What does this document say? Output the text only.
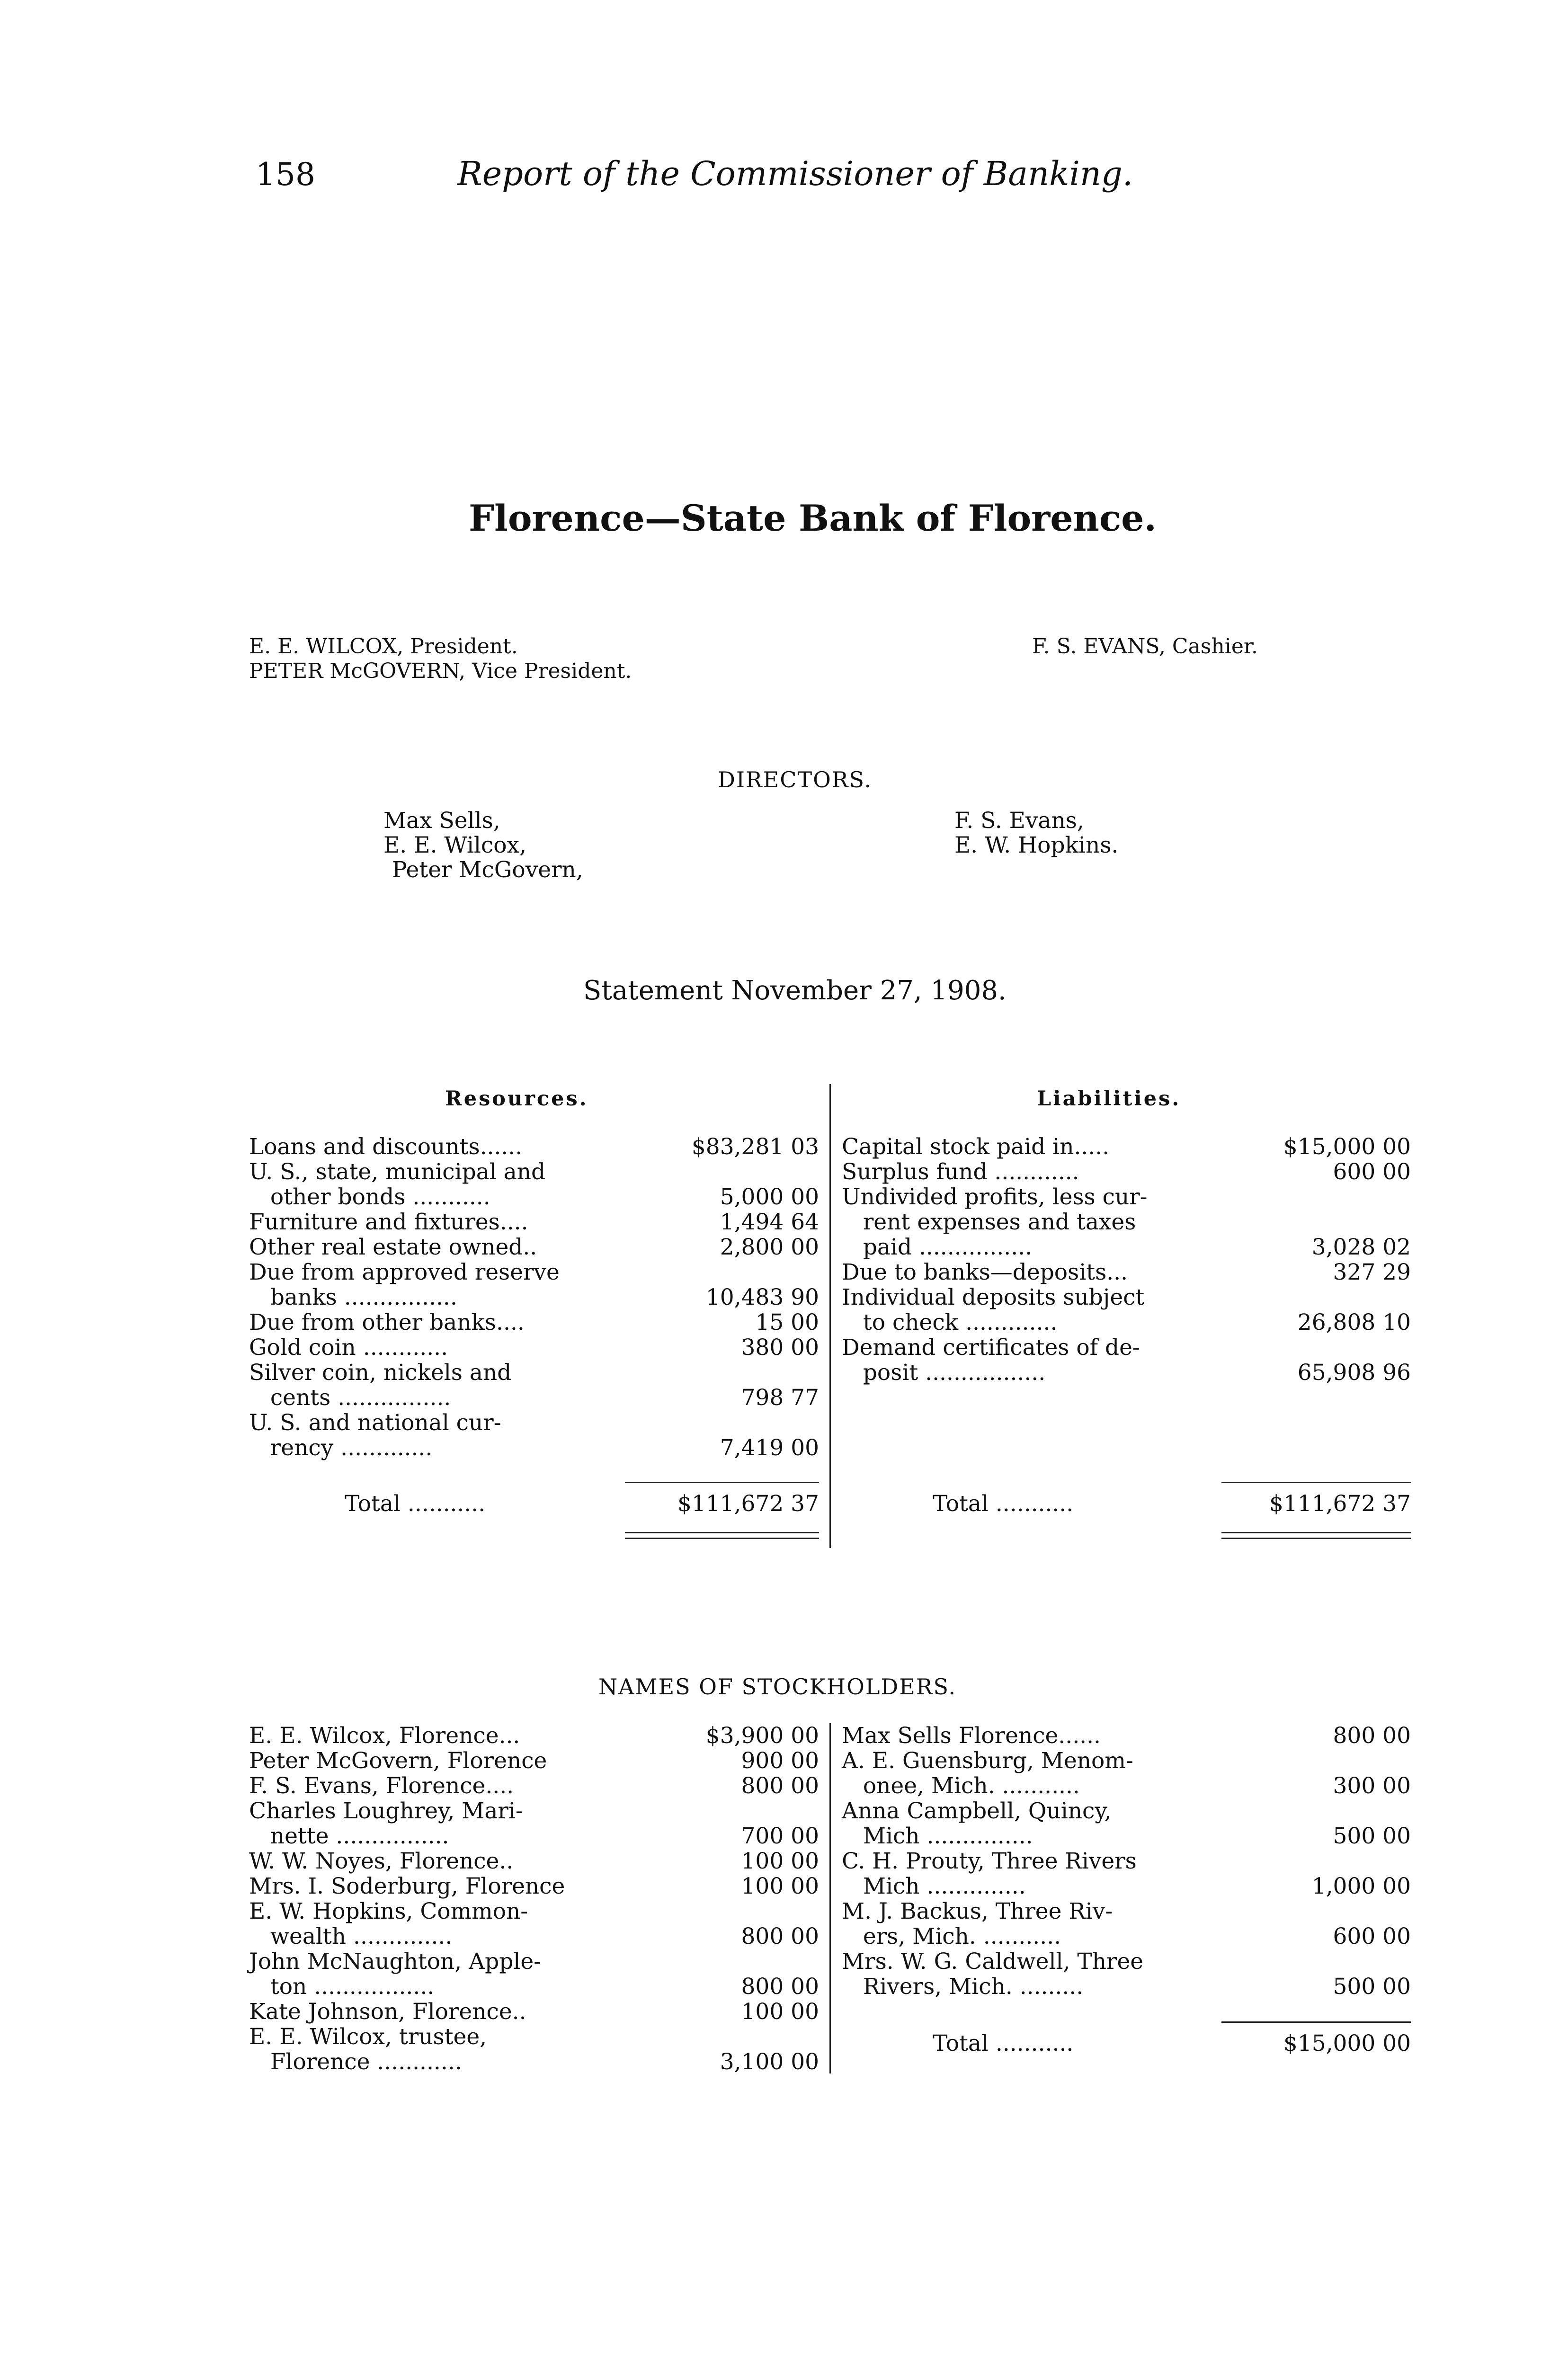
158	Report of the Commissioner of Banking.
Florence—State Bank of Florence.
E. E. WILCOX, President.
PETER McGOVERN, Vice President.
F. S. EVANS, Cashier.
DIRECTORS.
Max Sells,
E. E. Wilcox,
Peter McGovern,
F. S. Evans,
E. W. Hopkins.
Statement November 27, 1908.
Resources.	Liabilities.
Loans and discounts......	$83,281 03
U. S., state, municipal and
other bonds ...........	5,000 00
Furniture and fixtures....	1,494 64
Other real estate owned..	2,800 00
Due from approved reserve
banks ................	10,483 90
Due from other banks....	15 00
Gold coin ............	380 00
Silver coin, nickels and
cents ................	798 77
U. S. and national cur-
rency .............	7,419 00
Capital stock paid in.....	$15,000 00
Surplus fund ............	600 00
Undivided profits, less cur-
rent expenses and taxes
paid ................	3,028 02
Due to banks—deposits...	327 29
Individual deposits subject
to check .............	26,808 10
Demand certificates of de-
posit .................	65,908 96
Total ...........	$111,672 37	Total ...........	$111,672 37
NAMES OF STOCKHOLDERS.
E. E. Wilcox, Florence...	$3,900 00
Peter McGovern, Florence	900 00
F. S. Evans, Florence....	800 00
Charles Loughrey, Mari-
nette ................	700 00
W. W. Noyes, Florence..	100 00
Mrs. I. Soderburg, Florence	100 00
E. W. Hopkins, Common-
wealth ..............	800 00
John McNaughton, Apple-
ton .................	800 00
Kate Johnson, Florence..	100 00
E. E. Wilcox, trustee,
Florence ............	3,100 00
Max Sells Florence......	800 00
A. E. Guensburg, Menom-
onee, Mich. ...........	300 00
Anna Campbell, Quincy,
Mich ...............	500 00
C. H. Prouty, Three Rivers
Mich ..............	1,000 00
M. J. Backus, Three Riv-
ers, Mich. ...........	600 00
Mrs. W. G. Caldwell, Three
Rivers, Mich. .........	500 00
Total ...........	$15,000 00
